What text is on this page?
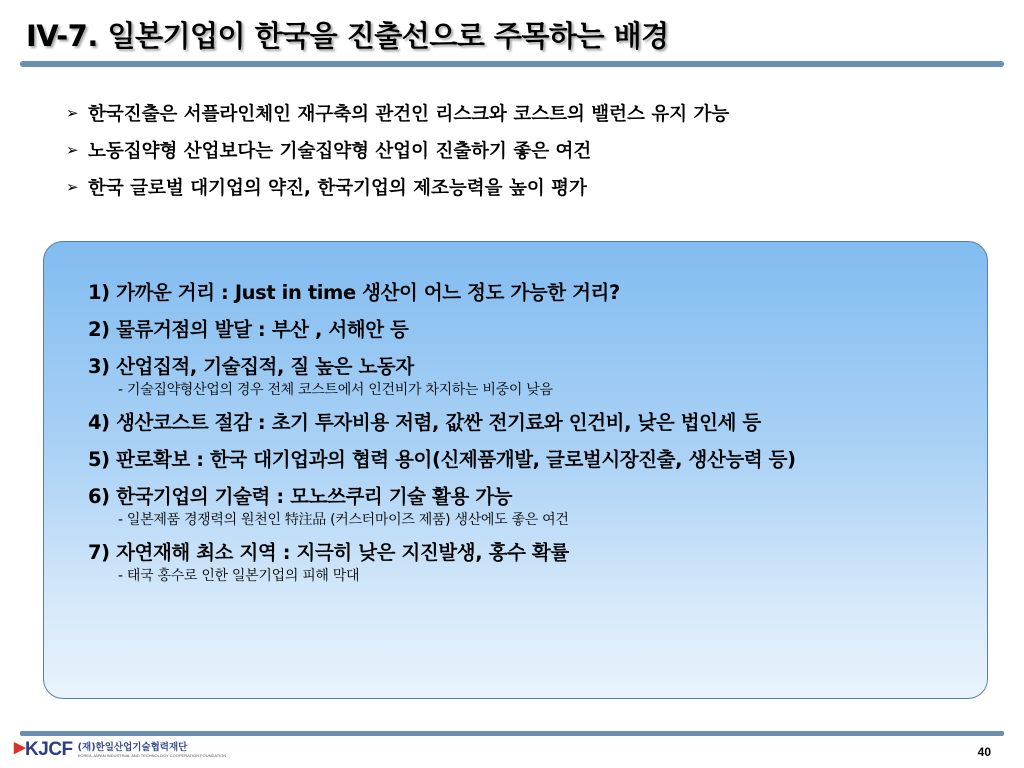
IV-7. 일본기업이 한국을 진출선으로 주목하는 배경
➢ 한국진출은 서플라인체인 재구축의 관건인 리스크와 코스트의 밸런스 유지 가능
➢ 노동집약형 산업보다는 기술집약형 산업이 진출하기 좋은 여건
➢ 한국 글로벌 대기업의 약진, 한국기업의 제조능력을 높이 평가
1) 가까운 거리 : Just in time 생산이 어느 정도 가능한 거리?
2) 물류거점의 발달 : 부산 , 서해안 등
3) 산업집적, 기술집적, 질 높은 노동자
- 기술집약형산업의 경우 전체 코스트에서 인건비가 차지하는 비중이 낮음
4) 생산코스트 절감 : 초기 투자비용 저렴, 값싼 전기료와 인건비, 낮은 법인세 등
5) 판로확보 : 한국 대기업과의 협력 용이(신제품개발, 글로벌시장진출, 생산능력 등)
6) 한국기업의 기술력 : 모노쓰쿠리 기술 활용 가능
- 일본제품 경쟁력의 원천인 特注品 (커스터마이즈 제품) 생산에도 좋은 여건
7) 자연재해 최소 지역 : 지극히 낮은 지진발생, 홍수 확률
- 태국 홍수로 인한 일본기업의 피해 막대
▶KJCF (재)한일산업기술협력재단
KOREA-JAPAN INDUSTRIAL AND TECHNOLOGY COOPERATION FOUNDATION	40
